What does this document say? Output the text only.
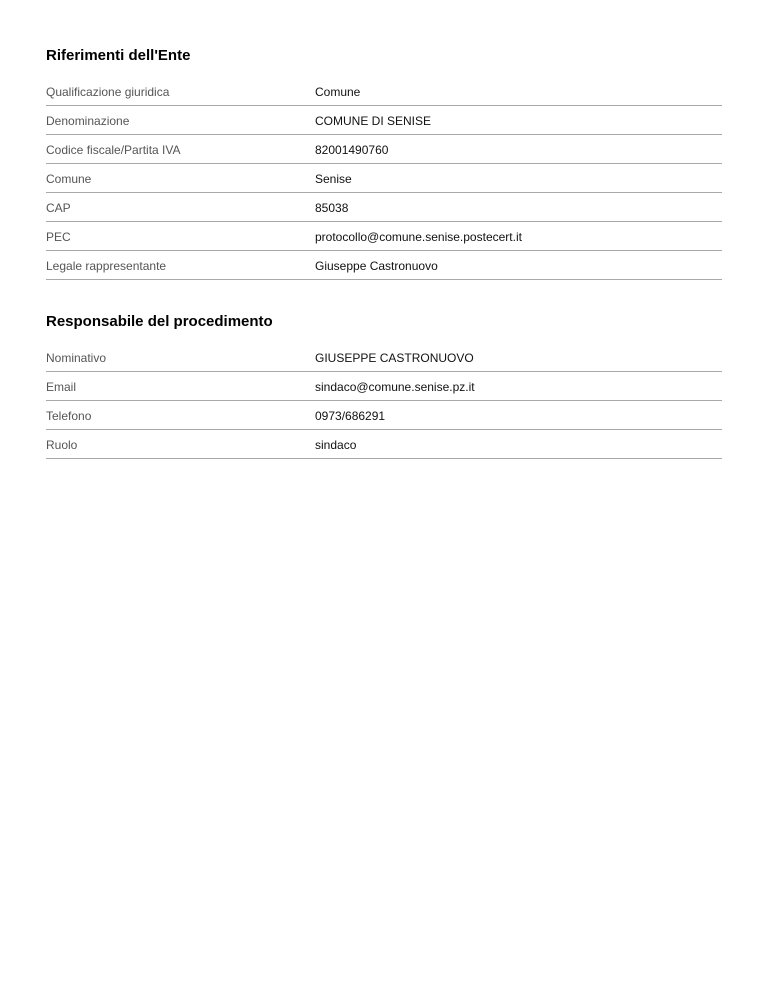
Riferimenti dell'Ente
Qualificazione giuridica	Comune
Denominazione	COMUNE DI SENISE
Codice fiscale/Partita IVA	82001490760
Comune	Senise
CAP	85038
PEC	protocollo@comune.senise.postecert.it
Legale rappresentante	Giuseppe Castronuovo
Responsabile del procedimento
Nominativo	GIUSEPPE CASTRONUOVO
Email	sindaco@comune.senise.pz.it
Telefono	0973/686291
Ruolo	sindaco
